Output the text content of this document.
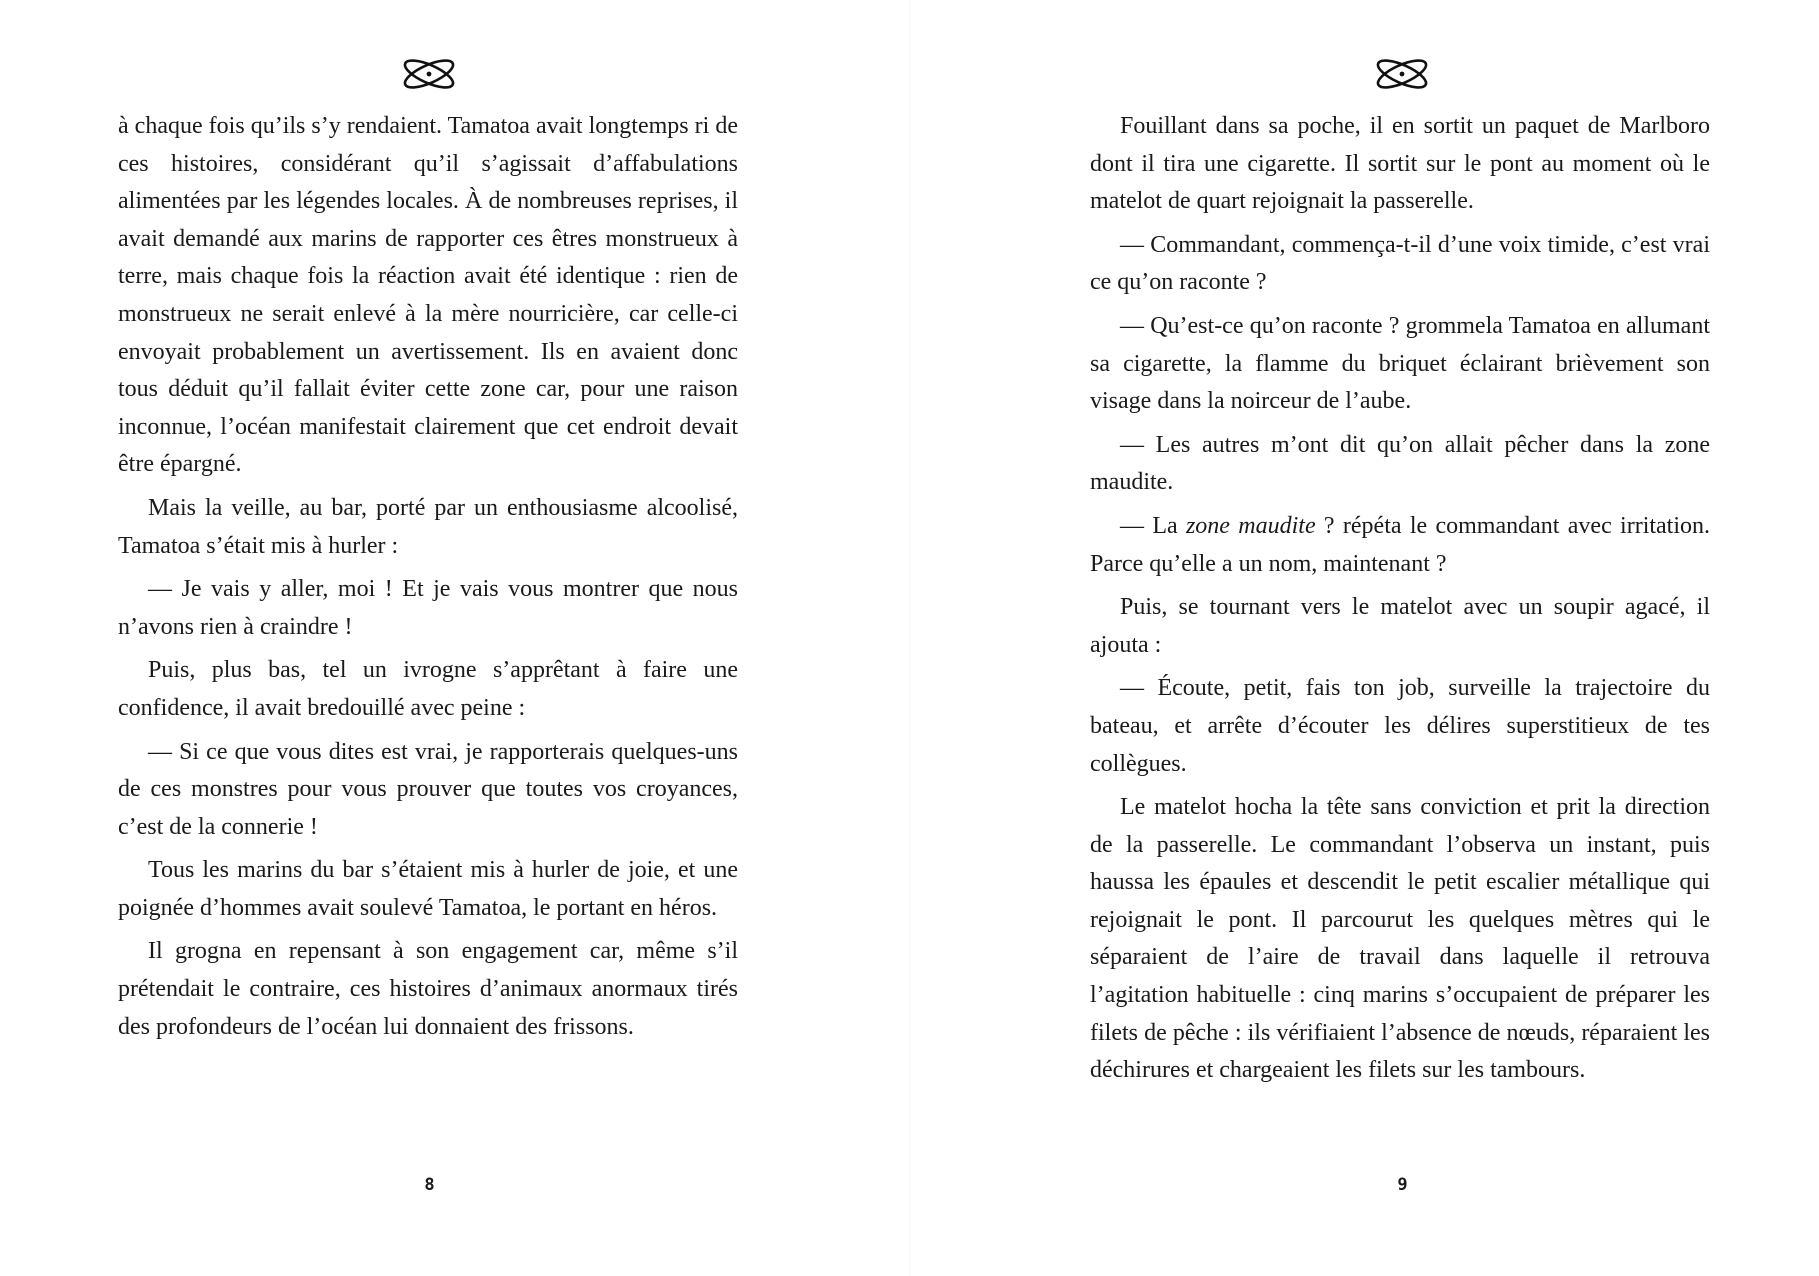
à chaque fois qu’ils s’y rendaient. Tamatoa avait longtemps ri de ces histoires, considérant qu’il s’agissait d’affabulations alimentées par les légendes locales. À de nombreuses reprises, il avait demandé aux marins de rapporter ces êtres monstrueux à terre, mais chaque fois la réaction avait été identique : rien de monstrueux ne serait enlevé à la mère nourricière, car celle-ci envoyait probablement un avertissement. Ils en avaient donc tous déduit qu’il fallait éviter cette zone car, pour une raison inconnue, l’océan manifestait clairement que cet endroit devait être épargné.

Mais la veille, au bar, porté par un enthousiasme alcoolisé, Tamatoa s’était mis à hurler :

— Je vais y aller, moi ! Et je vais vous montrer que nous n’avons rien à craindre !

Puis, plus bas, tel un ivrogne s’apprêtant à faire une confidence, il avait bredouillé avec peine :

— Si ce que vous dites est vrai, je rapporterais quelques-uns de ces monstres pour vous prouver que toutes vos croyances, c’est de la connerie !

Tous les marins du bar s’étaient mis à hurler de joie, et une poignée d’hommes avait soulevé Tamatoa, le portant en héros.

Il grogna en repensant à son engagement car, même s’il prétendait le contraire, ces histoires d’animaux anormaux tirés des profondeurs de l’océan lui donnaient des frissons.

8

Fouillant dans sa poche, il en sortit un paquet de Marlboro dont il tira une cigarette. Il sortit sur le pont au moment où le matelot de quart rejoignait la passerelle.

— Commandant, commença-t-il d’une voix timide, c’est vrai ce qu’on raconte ?

— Qu’est-ce qu’on raconte ? grommela Tamatoa en allumant sa cigarette, la flamme du briquet éclairant brièvement son visage dans la noirceur de l’aube.

— Les autres m’ont dit qu’on allait pêcher dans la zone maudite.

— La zone maudite ? répéta le commandant avec irritation. Parce qu’elle a un nom, maintenant ?

Puis, se tournant vers le matelot avec un soupir agacé, il ajouta :

— Écoute, petit, fais ton job, surveille la trajectoire du bateau, et arrête d’écouter les délires superstitieux de tes collègues.

Le matelot hocha la tête sans conviction et prit la direction de la passerelle. Le commandant l’observa un instant, puis haussa les épaules et descendit le petit escalier métallique qui rejoignait le pont. Il parcourut les quelques mètres qui le séparaient de l’aire de travail dans laquelle il retrouva l’agitation habituelle : cinq marins s’occupaient de préparer les filets de pêche : ils vérifiaient l’absence de nœuds, réparaient les déchirures et chargeaient les filets sur les tambours.

9
